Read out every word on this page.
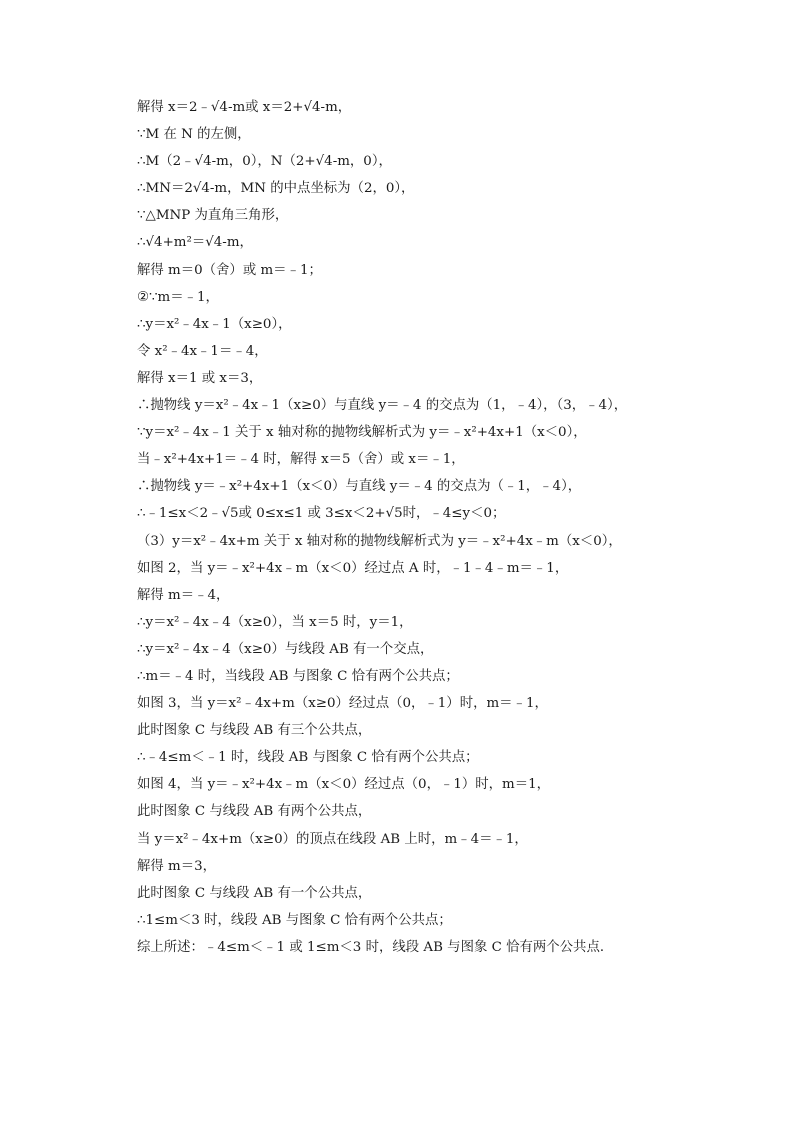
解得 x＝2﹣√4-m或 x＝2+√4-m，
∵M 在 N 的左侧，
∴M（2﹣√4-m，0），N（2+√4-m，0），
∴MN＝2√4-m，MN 的中点坐标为（2，0），
∵△MNP 为直角三角形，
∴√4+m²＝√4-m，
解得 m＝0（舍）或 m＝﹣1；
②∵m＝﹣1，
∴y＝x²﹣4x﹣1（x≥0），
令 x²﹣4x﹣1＝﹣4，
解得 x＝1 或 x＝3，
∴抛物线 y＝x²﹣4x﹣1（x≥0）与直线 y＝﹣4 的交点为（1，﹣4），（3，﹣4），
∵y＝x²﹣4x﹣1 关于 x 轴对称的抛物线解析式为 y＝﹣x²+4x+1（x＜0），
当﹣x²+4x+1＝﹣4 时，解得 x＝5（舍）或 x＝﹣1，
∴抛物线 y＝﹣x²+4x+1（x＜0）与直线 y＝﹣4 的交点为（﹣1，﹣4），
∴﹣1≤x＜2﹣√5或 0≤x≤1 或 3≤x＜2+√5时，﹣4≤y＜0；
（3）y＝x²﹣4x+m 关于 x 轴对称的抛物线解析式为 y＝﹣x²+4x﹣m（x＜0），
如图 2，当 y＝﹣x²+4x﹣m（x＜0）经过点 A 时，﹣1﹣4﹣m＝﹣1，
解得 m＝﹣4，
∴y＝x²﹣4x﹣4（x≥0），当 x＝5 时，y＝1，
∴y＝x²﹣4x﹣4（x≥0）与线段 AB 有一个交点，
∴m＝﹣4 时，当线段 AB 与图象 C 恰有两个公共点；
如图 3，当 y＝x²﹣4x+m（x≥0）经过点（0，﹣1）时，m＝﹣1，
此时图象 C 与线段 AB 有三个公共点，
∴﹣4≤m＜﹣1 时，线段 AB 与图象 C 恰有两个公共点；
如图 4，当 y＝﹣x²+4x﹣m（x＜0）经过点（0，﹣1）时，m＝1，
此时图象 C 与线段 AB 有两个公共点，
当 y＝x²﹣4x+m（x≥0）的顶点在线段 AB 上时，m﹣4＝﹣1，
解得 m＝3，
此时图象 C 与线段 AB 有一个公共点，
∴1≤m＜3 时，线段 AB 与图象 C 恰有两个公共点；
综上所述：﹣4≤m＜﹣1 或 1≤m＜3 时，线段 AB 与图象 C 恰有两个公共点．
